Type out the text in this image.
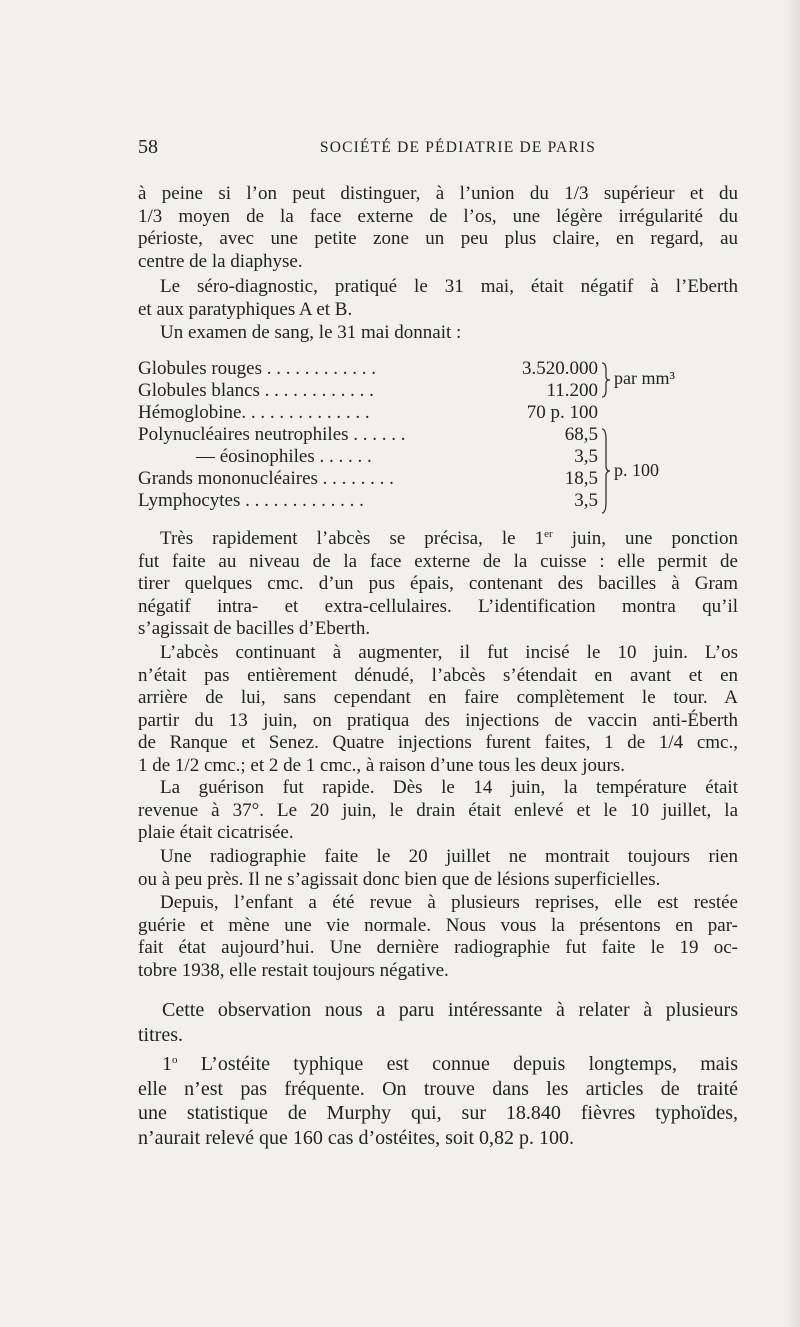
58	SOCIÉTÉ DE PÉDIATRIE DE PARIS
à peine si l’on peut distinguer, à l’union du 1/3 supérieur et du
1/3 moyen de la face externe de l’os, une légère irrégularité du
périoste, avec une petite zone un peu plus claire, en regard, au
centre de la diaphyse.
Le séro-diagnostic, pratiqué le 31 mai, était négatif à l’Eberth
et aux paratyphiques A et B.
Un examen de sang, le 31 mai donnait :
Globules rouges . . . . . . . . . . . .	3.520.000
Globules blancs . . . . . . . . . . . .	11.200
Hémoglobine. . . . . . . . . . . . . .	70 p. 100
Polynucléaires neutrophiles . . . . . .	68,5
— éosinophiles . . . . . .	3,5
Grands mononucléaires . . . . . . . .	18,5
Lymphocytes . . . . . . . . . . . . .	3,5
par mm³
p. 100
Très rapidement l’abcès se précisa, le 1er juin, une ponction
fut faite au niveau de la face externe de la cuisse : elle permit de
tirer quelques cmc. d’un pus épais, contenant des bacilles à Gram
négatif intra- et extra-cellulaires. L’identification montra qu’il
s’agissait de bacilles d’Eberth.
L’abcès continuant à augmenter, il fut incisé le 10 juin. L’os
n’était pas entièrement dénudé, l’abcès s’étendait en avant et en
arrière de lui, sans cependant en faire complètement le tour. A
partir du 13 juin, on pratiqua des injections de vaccin anti-Éberth
de Ranque et Senez. Quatre injections furent faites, 1 de 1/4 cmc.,
1 de 1/2 cmc.; et 2 de 1 cmc., à raison d’une tous les deux jours.
La guérison fut rapide. Dès le 14 juin, la température était
revenue à 37°. Le 20 juin, le drain était enlevé et le 10 juillet, la
plaie était cicatrisée.
Une radiographie faite le 20 juillet ne montrait toujours rien
ou à peu près. Il ne s’agissait donc bien que de lésions superficielles.
Depuis, l’enfant a été revue à plusieurs reprises, elle est restée
guérie et mène une vie normale. Nous vous la présentons en par-
fait état aujourd’hui. Une dernière radiographie fut faite le 19 oc-
tobre 1938, elle restait toujours négative.
Cette observation nous a paru intéressante à relater à plusieurs
titres.
1$^o$ L’ostéite typhique est connue depuis longtemps, mais
elle n’est pas fréquente. On trouve dans les articles de traité
une statistique de Murphy qui, sur 18.840 fièvres typhoïdes,
n’aurait relevé que 160 cas d’ostéites, soit 0,82 p. 100.
